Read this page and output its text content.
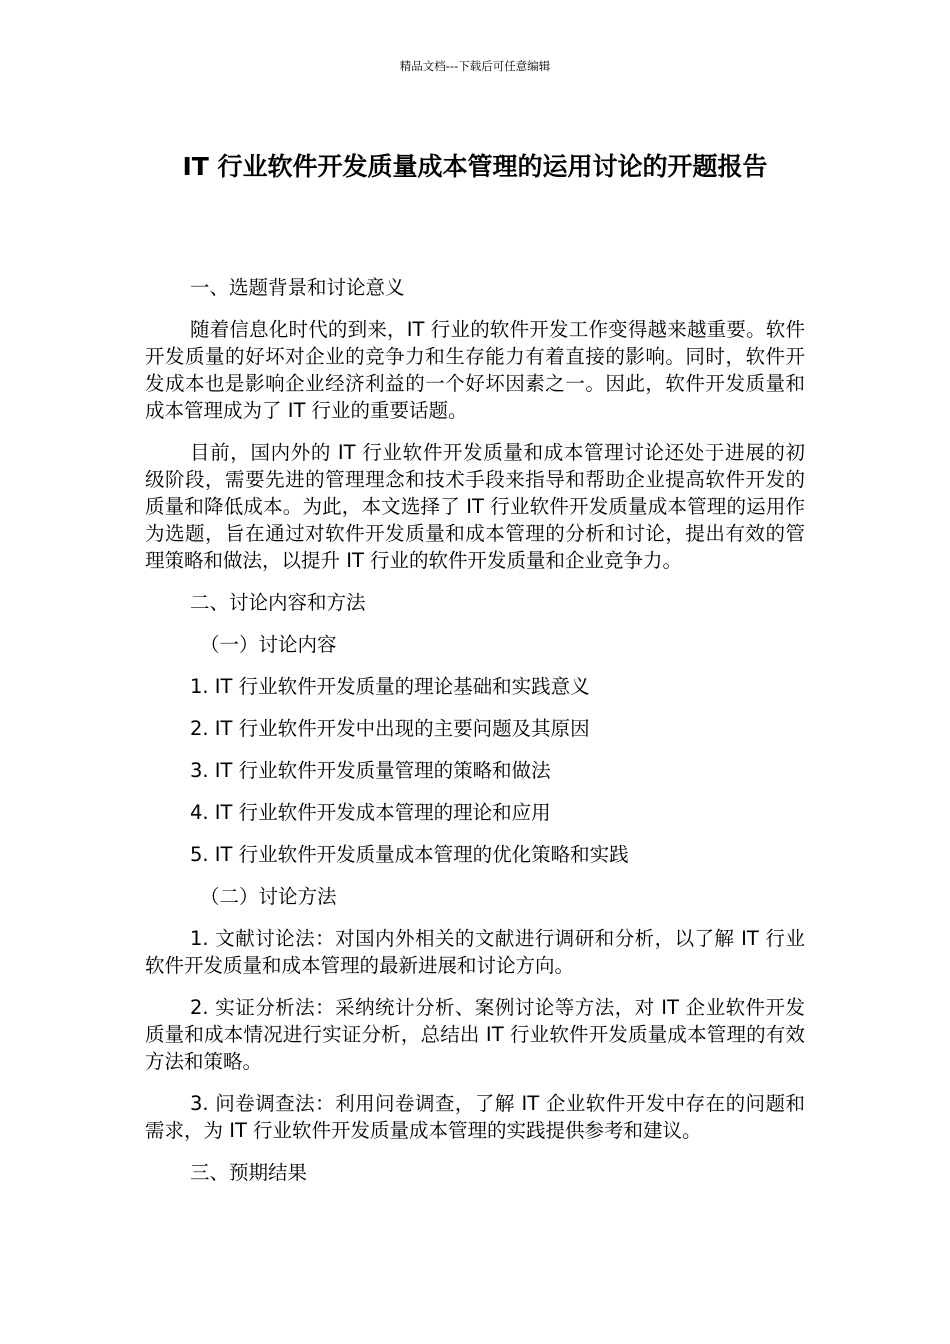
精品文档---下载后可任意编辑
IT 行业软件开发质量成本管理的运用讨论的开题报告

一、选题背景和讨论意义

随着信息化时代的到来，IT 行业的软件开发工作变得越来越重要。软件开发质量的好坏对企业的竞争力和生存能力有着直接的影响。同时，软件开发成本也是影响企业经济利益的一个好坏因素之一。因此，软件开发质量和成本管理成为了 IT 行业的重要话题。

目前，国内外的 IT 行业软件开发质量和成本管理讨论还处于进展的初级阶段，需要先进的管理理念和技术手段来指导和帮助企业提高软件开发的质量和降低成本。为此，本文选择了 IT 行业软件开发质量成本管理的运用作为选题，旨在通过对软件开发质量和成本管理的分析和讨论，提出有效的管理策略和做法，以提升 IT 行业的软件开发质量和企业竞争力。

二、讨论内容和方法

（一）讨论内容

1. IT 行业软件开发质量的理论基础和实践意义

2. IT 行业软件开发中出现的主要问题及其原因

3. IT 行业软件开发质量管理的策略和做法

4. IT 行业软件开发成本管理的理论和应用

5. IT 行业软件开发质量成本管理的优化策略和实践

（二）讨论方法

1. 文献讨论法：对国内外相关的文献进行调研和分析，以了解 IT 行业软件开发质量和成本管理的最新进展和讨论方向。

2. 实证分析法：采纳统计分析、案例讨论等方法，对 IT 企业软件开发质量和成本情况进行实证分析，总结出 IT 行业软件开发质量成本管理的有效方法和策略。

3. 问卷调查法：利用问卷调查，了解 IT 企业软件开发中存在的问题和需求，为 IT 行业软件开发质量成本管理的实践提供参考和建议。

三、预期结果
